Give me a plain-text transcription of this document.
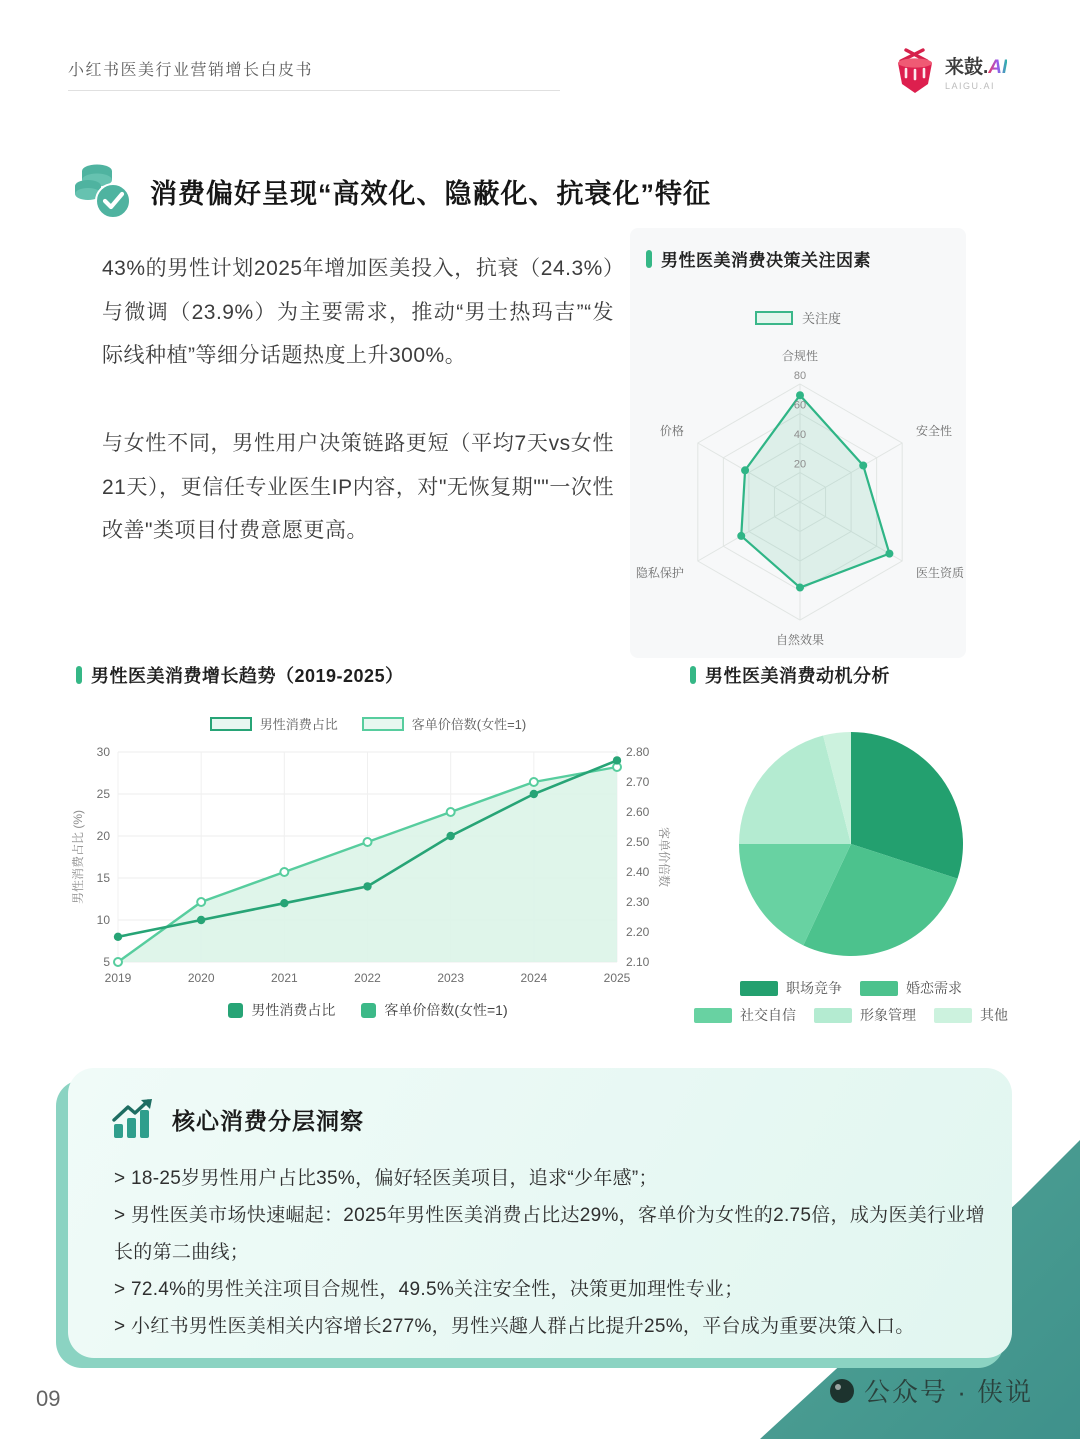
公众号 · 侠说
小红书医美行业营销增长白皮书	来鼓.AI
LAIGU.AI
消费偏好呈现“高效化、隐蔽化、抗衰化”特征

43%的男性计划2025年增加医美投入，抗衰（24.3%）与微调（23.9%）为主要需求，推动“男士热玛吉”“发际线种植”等细分话题热度上升300%。

与女性不同，男性用户决策链路更短（平均7天vs女性21天），更信任专业医生IP内容，对"无恢复期""一次性改善"类项目付费意愿更高。

男性医美消费决策关注因素
关注度
20
40
60
80
合规性
安全性
医生资质
自然效果
隐私保护
价格
男性医美消费增长趋势（2019-2025）
男性消费占比	客单价倍数(女性=1)
5
10
15
20
25
30
2019	2020	2021	2022	2023	2024	2025
2.10
2.20
2.30
2.40
2.50
2.60
2.70
2.80
男性消费占比 (%)	客单价倍数
男性消费占比	客单价倍数(女性=1)
男性医美消费动机分析
职场竞争	婚恋需求
社交自信	形象管理	其他
核心消费分层洞察
> 18-25岁男性用户占比35%，偏好轻医美项目，追求“少年感”；
> 男性医美市场快速崛起：2025年男性医美消费占比达29%，客单价为女性的2.75倍，成为医美行业增长的第二曲线；
> 72.4%的男性关注项目合规性，49.5%关注安全性，决策更加理性专业；
> 小红书男性医美相关内容增长277%，男性兴趣人群占比提升25%，平台成为重要决策入口。
09
